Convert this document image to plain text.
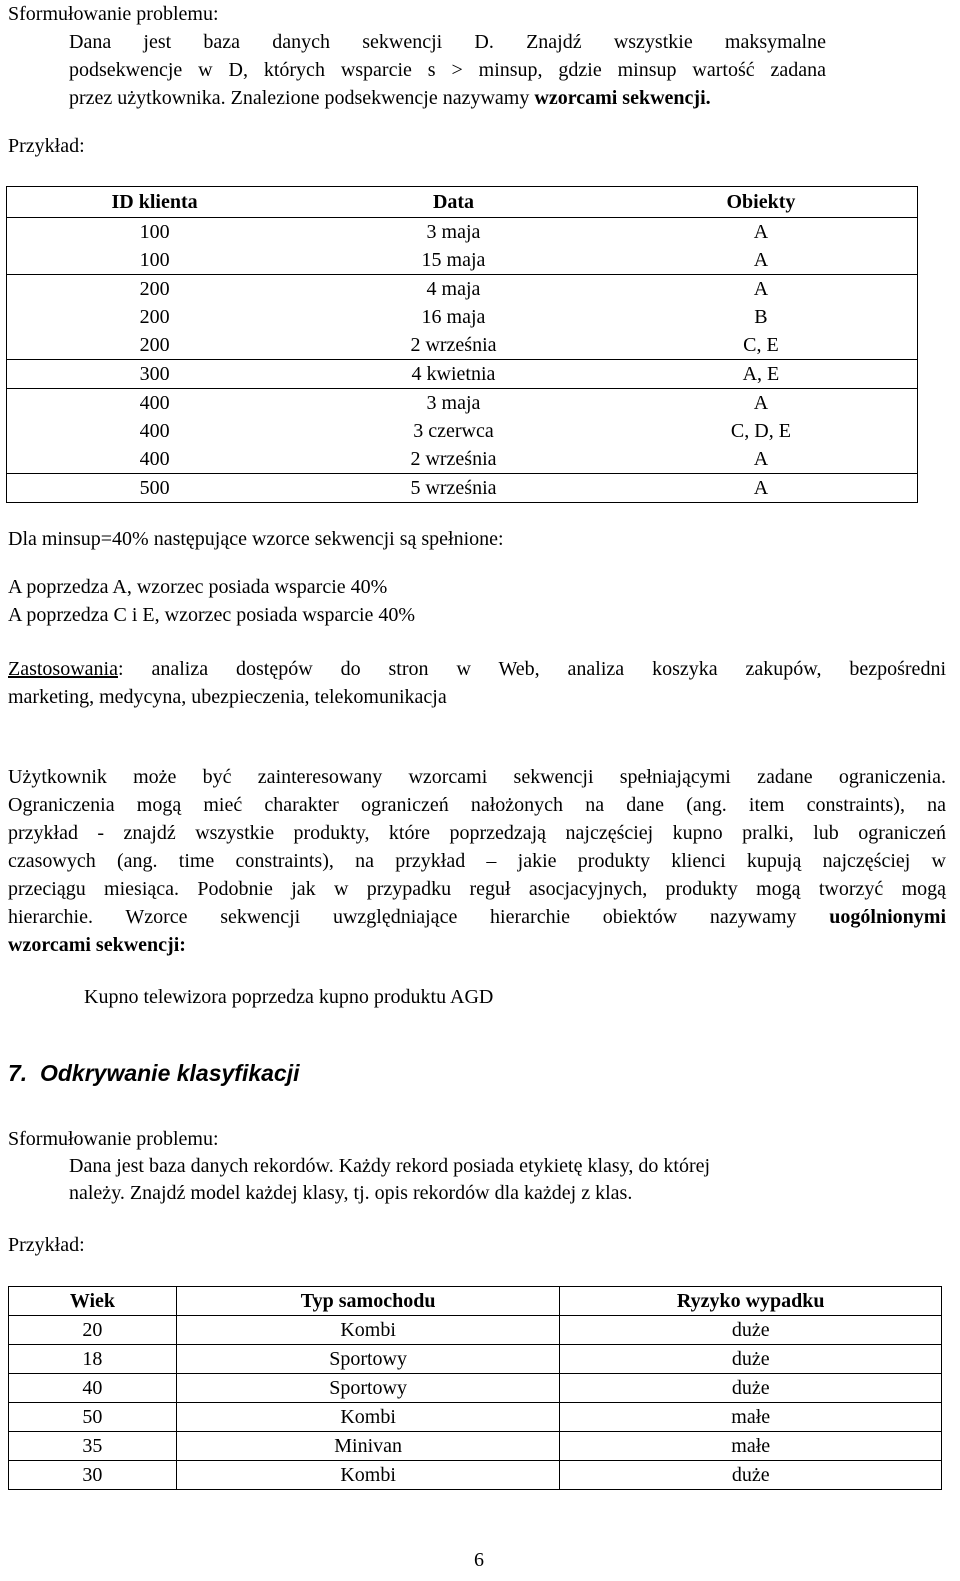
Sformułowanie problemu:
Dana jest baza danych sekwencji D. Znajdź wszystkie maksymalne
podsekwencje w D, których wsparcie s > minsup, gdzie minsup wartość zadana
przez użytkownika. Znalezione podsekwencje nazywamy wzorcami sekwencji.
Przykład:
ID klienta	Data	Obiekty
100	3 maja	A
100	15 maja	A
200	4 maja	A
200	16 maja	B
200	2 września	C, E
300	4 kwietnia	A, E
400	3 maja	A
400	3 czerwca	C, D, E
400	2 września	A
500	5 września	A
Dla minsup=40% następujące wzorce sekwencji są spełnione:
A poprzedza A, wzorzec posiada wsparcie 40%
A poprzedza C i E, wzorzec posiada wsparcie 40%
Zastosowania: analiza dostępów do stron w Web, analiza koszyka zakupów, bezpośredni
marketing, medycyna, ubezpieczenia, telekomunikacja
Użytkownik może być zainteresowany wzorcami sekwencji spełniającymi zadane ograniczenia.
Ograniczenia mogą mieć charakter ograniczeń nałożonych na dane (ang. item constraints), na
przykład - znajdź wszystkie produkty, które poprzedzają najczęściej kupno pralki, lub ograniczeń
czasowych (ang. time constraints), na przykład – jakie produkty klienci kupują najczęściej w
przeciągu miesiąca. Podobnie jak w przypadku reguł asocjacyjnych, produkty mogą tworzyć mogą
hierarchie. Wzorce sekwencji uwzględniające hierarchie obiektów nazywamy uogólnionymi
wzorcami sekwencji:
Kupno telewizora poprzedza kupno produktu AGD
7. Odkrywanie klasyfikacji
Sformułowanie problemu:
Dana jest baza danych rekordów. Każdy rekord posiada etykietę klasy, do której
należy. Znajdź model każdej klasy, tj. opis rekordów dla każdej z klas.
Przykład:
Wiek	Typ samochodu	Ryzyko wypadku
20	Kombi	duże
18	Sportowy	duże
40	Sportowy	duże
50	Kombi	małe
35	Minivan	małe
30	Kombi	duże
6
